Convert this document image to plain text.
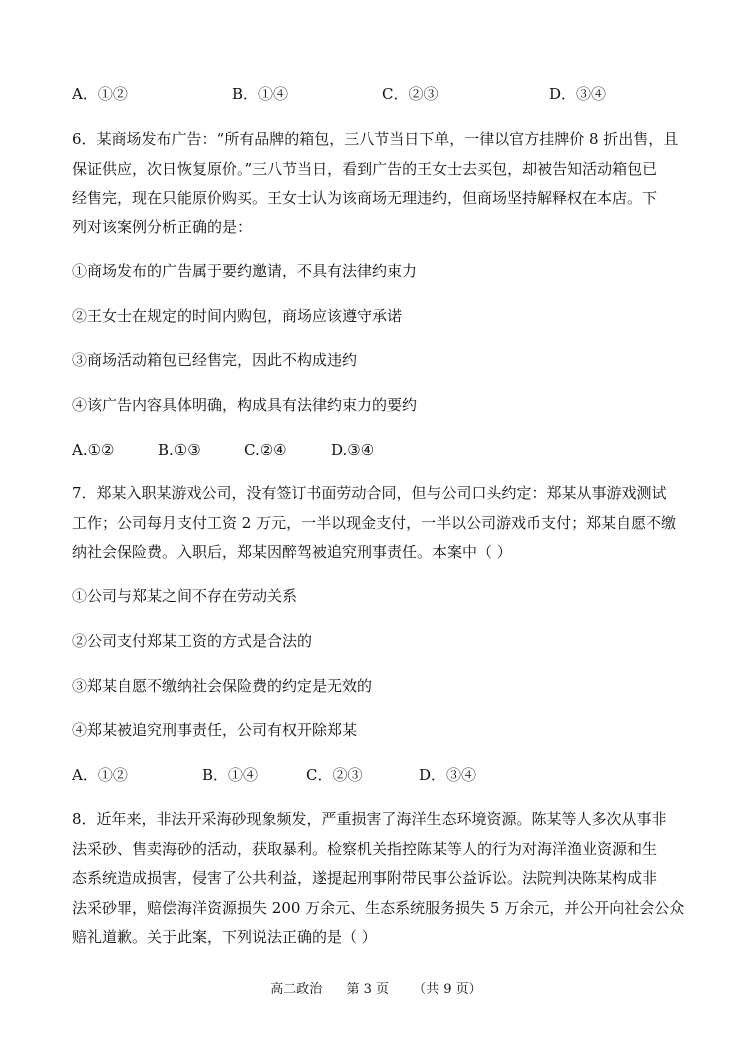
A．①②	B．①④	C．②③	D．③④
6．某商场发布广告：“所有品牌的箱包，三八节当日下单，一律以官方挂牌价 8 折出售，且
保证供应，次日恢复原价。”三八节当日，看到广告的王女士去买包，却被告知活动箱包已
经售完，现在只能原价购买。王女士认为该商场无理违约，但商场坚持解释权在本店。下
列对该案例分析正确的是：
①商场发布的广告属于要约邀请，不具有法律约束力
②王女士在规定的时间内购包，商场应该遵守承诺
③商场活动箱包已经售完，因此不构成违约
④该广告内容具体明确，构成具有法律约束力的要约
A.①②	B.①③	C.②④	D.③④
7．郑某入职某游戏公司，没有签订书面劳动合同，但与公司口头约定：郑某从事游戏测试
工作；公司每月支付工资 2 万元，一半以现金支付，一半以公司游戏币支付；郑某自愿不缴
纳社会保险费。入职后，郑某因醉驾被追究刑事责任。本案中（ ）
①公司与郑某之间不存在劳动关系
②公司支付郑某工资的方式是合法的
③郑某自愿不缴纳社会保险费的约定是无效的
④郑某被追究刑事责任，公司有权开除郑某
A．①②	B．①④	C．②③	D．③④
8．近年来，非法开采海砂现象频发，严重损害了海洋生态环境资源。陈某等人多次从事非
法采砂、售卖海砂的活动，获取暴利。检察机关指控陈某等人的行为对海洋渔业资源和生
态系统造成损害，侵害了公共利益，遂提起刑事附带民事公益诉讼。法院判决陈某构成非
法采砂罪，赔偿海洋资源损失 200 万余元、生态系统服务损失 5 万余元，并公开向社会公众
赔礼道歉。关于此案，下列说法正确的是（ ）
高二政治 第 3 页 （共 9 页）
